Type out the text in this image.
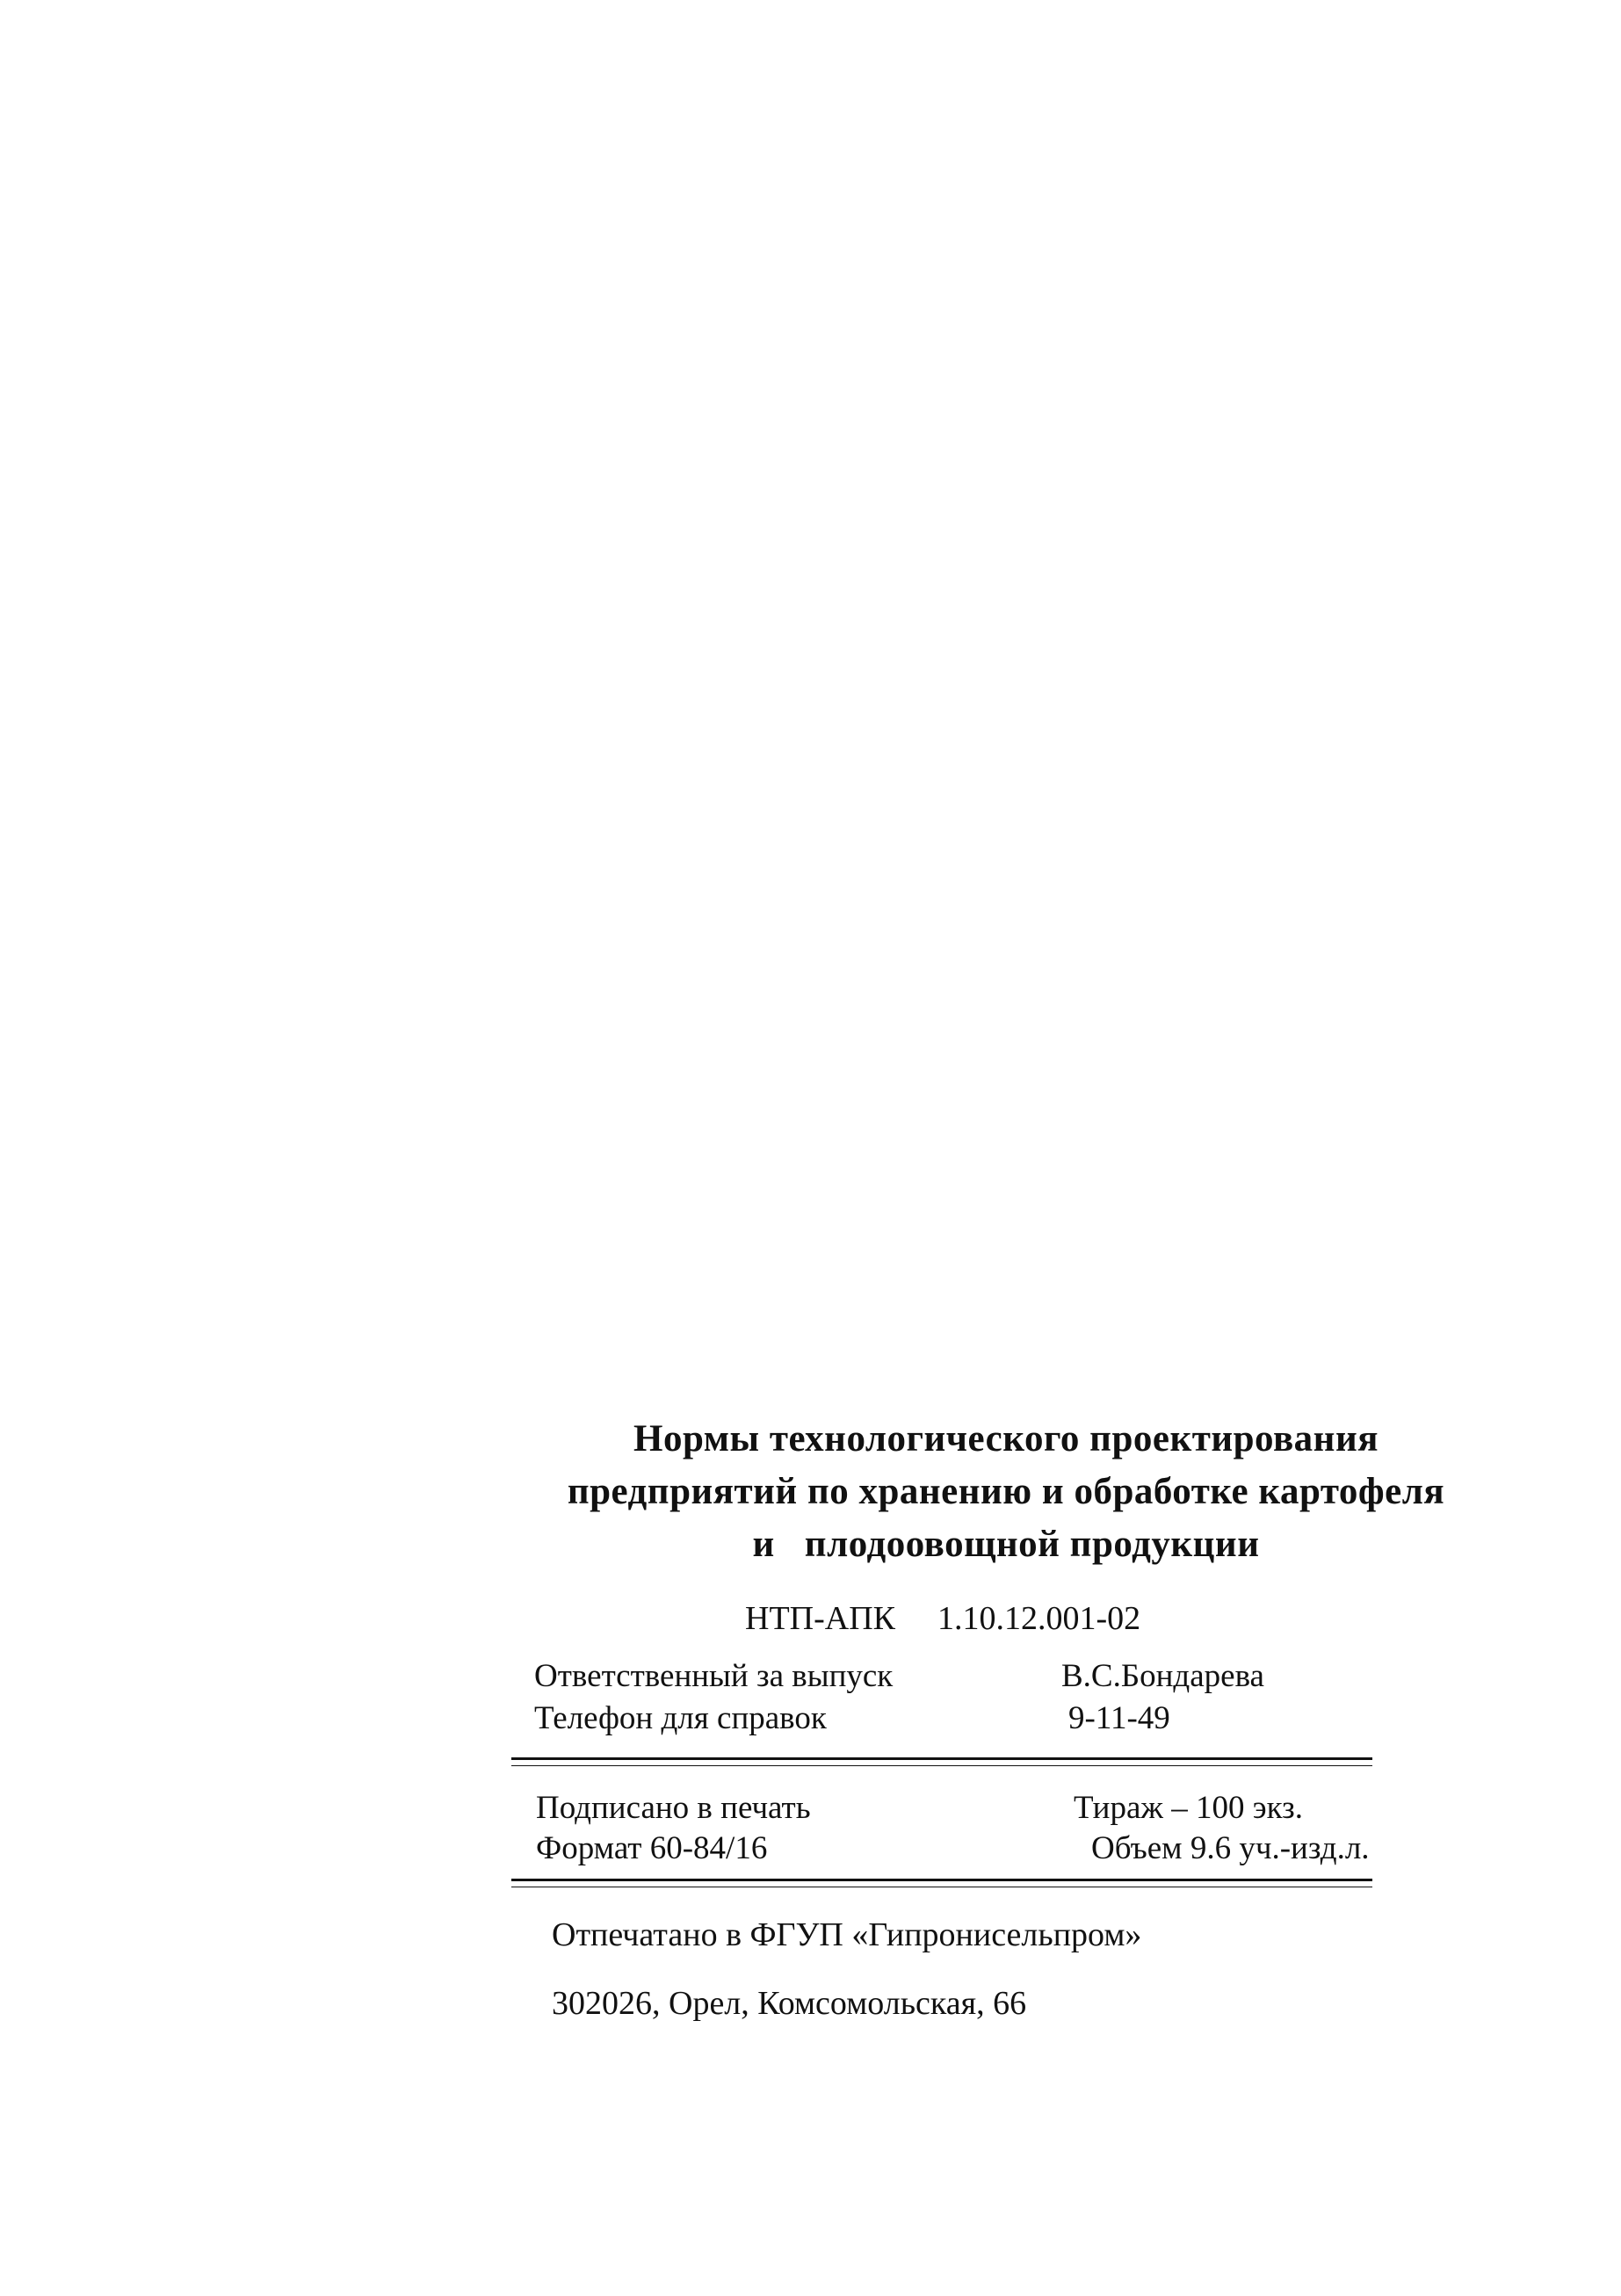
Нормы технологического проектирования
предприятий по хранению и обработке картофеля
и плодоовощной продукции
НТП-АПК 1.10.12.001-02
Ответственный за выпуск	В.С.Бондарева
Телефон для справок	9-11-49
Подписано в печать	Тираж – 100 экз.
Формат 60-84/16	Объем 9.6 уч.-изд.л.
Отпечатано в ФГУП «Гипронисельпром»
302026, Орел, Комсомольская, 66
